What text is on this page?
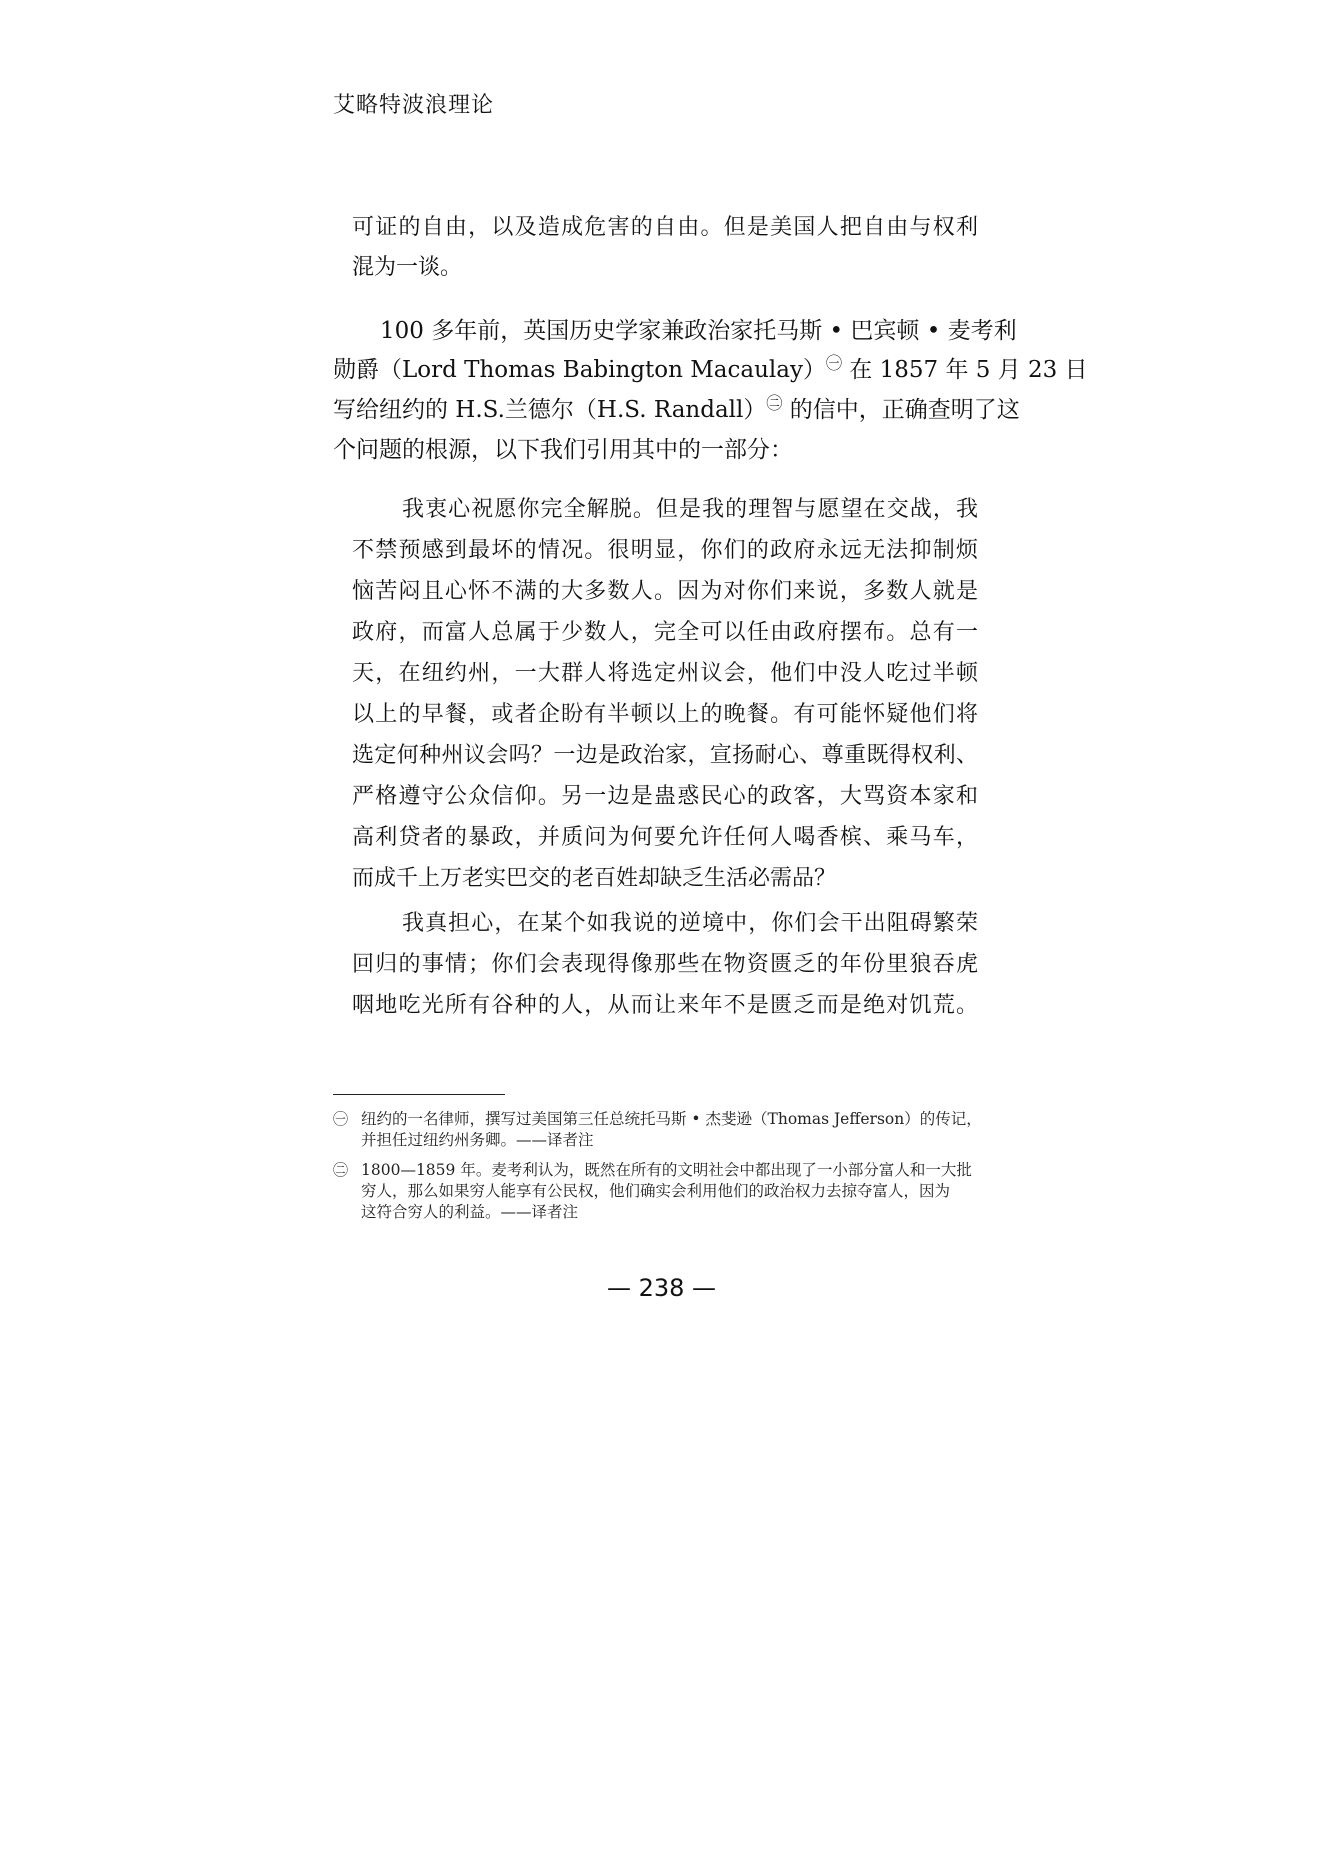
艾略特波浪理论
可证的自由，以及造成危害的自由。但是美国人把自由与权利
混为一谈。
100 多年前，英国历史学家兼政治家托马斯 • 巴宾顿 • 麦考利
勋爵（Lord Thomas Babington Macaulay）$^㊀$ 在 1857 年 5 月 23 日
写给纽约的 H.S.兰德尔（H.S. Randall）$^㊁$ 的信中，正确查明了这
个问题的根源，以下我们引用其中的一部分：
我衷心祝愿你完全解脱。但是我的理智与愿望在交战，我
不禁预感到最坏的情况。很明显，你们的政府永远无法抑制烦
恼苦闷且心怀不满的大多数人。因为对你们来说，多数人就是
政府，而富人总属于少数人，完全可以任由政府摆布。总有一
天，在纽约州，一大群人将选定州议会，他们中没人吃过半顿
以上的早餐，或者企盼有半顿以上的晚餐。有可能怀疑他们将
选定何种州议会吗？一边是政治家，宣扬耐心、尊重既得权利、
严格遵守公众信仰。另一边是蛊惑民心的政客，大骂资本家和
高利贷者的暴政，并质问为何要允许任何人喝香槟、乘马车，
而成千上万老实巴交的老百姓却缺乏生活必需品？
我真担心，在某个如我说的逆境中，你们会干出阻碍繁荣
回归的事情；你们会表现得像那些在物资匮乏的年份里狼吞虎
咽地吃光所有谷种的人，从而让来年不是匮乏而是绝对饥荒。
㊀ 纽约的一名律师，撰写过美国第三任总统托马斯 • 杰斐逊（Thomas Jefferson）的传记，
并担任过纽约州务卿。——译者注
㊁ 1800—1859 年。麦考利认为，既然在所有的文明社会中都出现了一小部分富人和一大批
穷人，那么如果穷人能享有公民权，他们确实会利用他们的政治权力去掠夺富人，因为
这符合穷人的利益。——译者注
— 238 —
